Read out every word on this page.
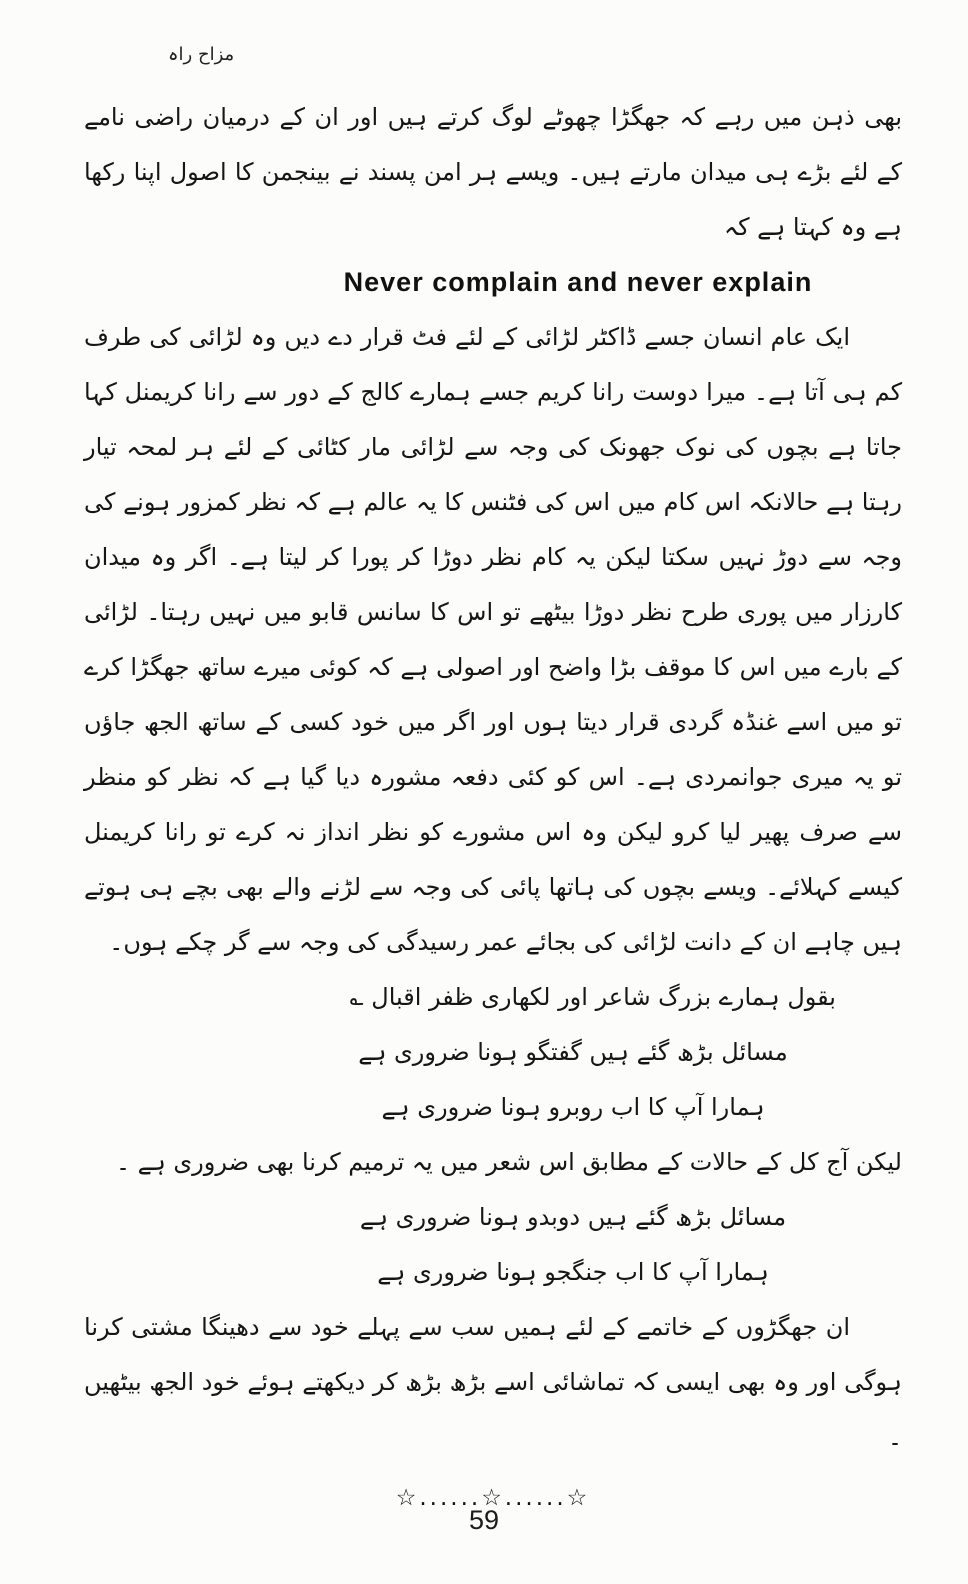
مزاح راہ

بھی ذہن میں رہے کہ جھگڑا چھوٹے لوگ کرتے ہیں اور ان کے درمیان راضی نامے کے لئے بڑے ہی میدان مارتے ہیں۔ ویسے ہر امن پسند نے بینجمن کا اصول اپنا رکھا ہے وہ کہتا ہے کہ

Never complain and never explain

ایک عام انسان جسے ڈاکٹر لڑائی کے لئے فٹ قرار دے دیں وہ لڑائی کی طرف کم ہی آتا ہے۔ میرا دوست رانا کریم جسے ہمارے کالج کے دور سے رانا کریمنل کہا جاتا ہے بچوں کی نوک جھونک کی وجہ سے لڑائی مار کٹائی کے لئے ہر لمحہ تیار رہتا ہے حالانکہ اس کام میں اس کی فٹنس کا یہ عالم ہے کہ نظر کمزور ہونے کی وجہ سے دوڑ نہیں سکتا لیکن یہ کام نظر دوڑا کر پورا کر لیتا ہے۔ اگر وہ میدان کارزار میں پوری طرح نظر دوڑا بیٹھے تو اس کا سانس قابو میں نہیں رہتا۔ لڑائی کے بارے میں اس کا موقف بڑا واضح اور اصولی ہے کہ کوئی میرے ساتھ جھگڑا کرے تو میں اسے غنڈہ گردی قرار دیتا ہوں اور اگر میں خود کسی کے ساتھ الجھ جاؤں تو یہ میری جوانمردی ہے۔ اس کو کئی دفعہ مشورہ دیا گیا ہے کہ نظر کو منظر سے صرف پھیر لیا کرو لیکن وہ اس مشورے کو نظر انداز نہ کرے تو رانا کریمنل کیسے کہلائے۔ ویسے بچوں کی ہاتھا پائی کی وجہ سے لڑنے والے بھی بچے ہی ہوتے ہیں چاہے ان کے دانت لڑائی کی بجائے عمر رسیدگی کی وجہ سے گر چکے ہوں۔

بقول ہمارے بزرگ شاعر اور لکھاری ظفر اقبال ؎

مسائل بڑھ گئے ہیں گفتگو ہونا ضروری ہے

ہمارا آپ کا اب روبرو ہونا ضروری ہے

لیکن آج کل کے حالات کے مطابق اس شعر میں یہ ترمیم کرنا بھی ضروری ہے ۔

مسائل بڑھ گئے ہیں دوبدو ہونا ضروری ہے

ہمارا آپ کا اب جنگجو ہونا ضروری ہے

ان جھگڑوں کے خاتمے کے لئے ہمیں سب سے پہلے خود سے دھینگا مشتی کرنا ہوگی اور وہ بھی ایسی کہ تماشائی اسے بڑھ بڑھ کر دیکھتے ہوئے خود الجھ بیٹھیں ۔

☆......☆......☆
59
